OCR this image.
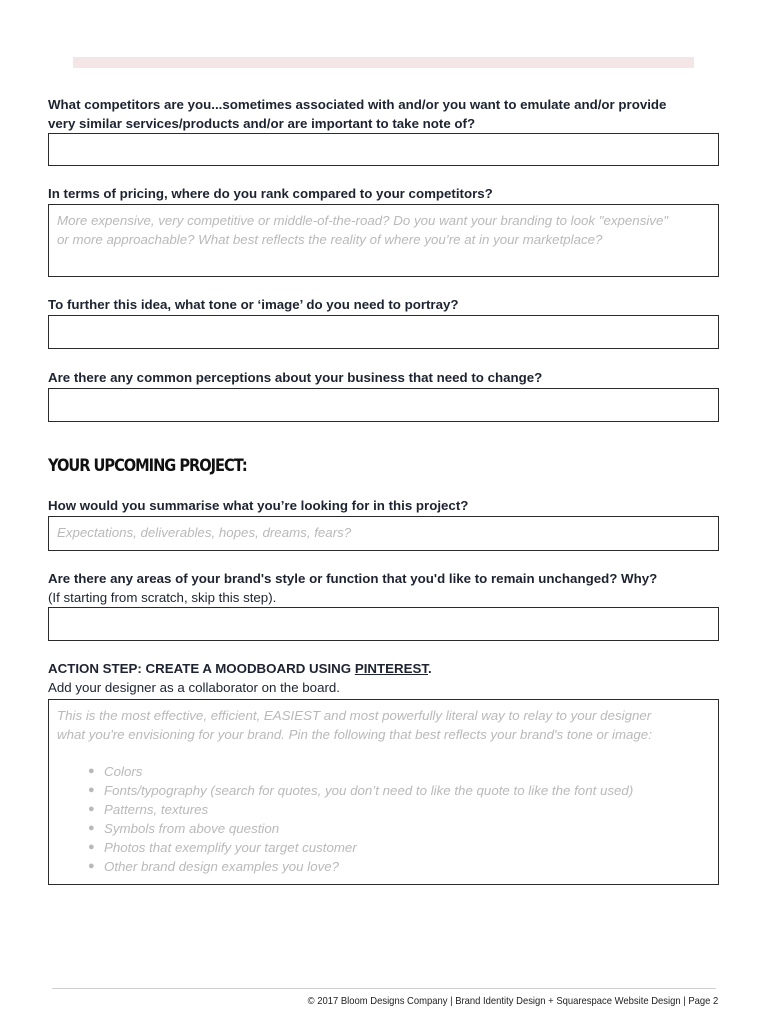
What competitors are you...sometimes associated with and/or you want to emulate and/or provide
very similar services/products and/or are important to take note of?
In terms of pricing, where do you rank compared to your competitors?

More expensive, very competitive or middle-of-the-road? Do you want your branding to look "expensive"

or more approachable? What best reflects the reality of where you’re at in your marketplace?

To further this idea, what tone or ‘image’ do you need to portray?
Are there any common perceptions about your business that need to change?
YOUR UPCOMING PROJECT:
How would you summarise what you’re looking for in this project?

Expectations, deliverables, hopes, dreams, fears?

Are there any areas of your brand's style or function that you'd like to remain unchanged? Why?
(If starting from scratch, skip this step).
ACTION STEP: CREATE A MOODBOARD USING PINTEREST.
Add your designer as a collaborator on the board.

This is the most effective, efficient, EASIEST and most powerfully literal way to relay to your designer

what you're envisioning for your brand. Pin the following that best reflects your brand's tone or image:

● Colors
● Fonts/typography (search for quotes, you don’t need to like the quote to like the font used)
● Patterns, textures
● Symbols from above question
● Photos that exemplify your target customer
● Other brand design examples you love?
© 2017 Bloom Designs Company | Brand Identity Design + Squarespace Website Design | Page 2
